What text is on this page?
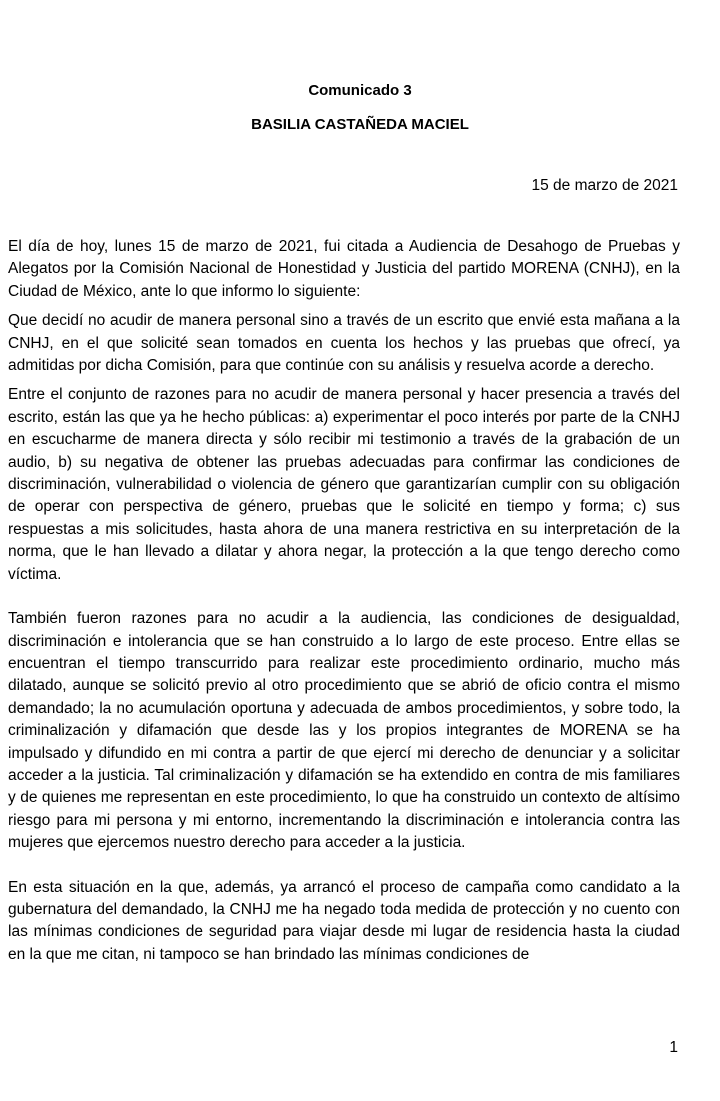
Comunicado 3
BASILIA CASTAÑEDA MACIEL
15 de marzo de 2021

El día de hoy, lunes 15 de marzo de 2021, fui citada a Audiencia de Desahogo de Pruebas y Alegatos por la Comisión Nacional de Honestidad y Justicia del partido MORENA (CNHJ), en la Ciudad de México, ante lo que informo lo siguiente:

Que decidí no acudir de manera personal sino a través de un escrito que envié esta mañana a la CNHJ, en el que solicité sean tomados en cuenta los hechos y las pruebas que ofrecí, ya admitidas por dicha Comisión, para que continúe con su análisis y resuelva acorde a derecho.

Entre el conjunto de razones para no acudir de manera personal y hacer presencia a través del escrito, están las que ya he hecho públicas: a) experimentar el poco interés por parte de la CNHJ en escucharme de manera directa y sólo recibir mi testimonio a través de la grabación de un audio, b) su negativa de obtener las pruebas adecuadas para confirmar las condiciones de discriminación, vulnerabilidad o violencia de género que garantizarían cumplir con su obligación de operar con perspectiva de género, pruebas que le solicité en tiempo y forma; c) sus respuestas a mis solicitudes, hasta ahora de una manera restrictiva en su interpretación de la norma, que le han llevado a dilatar y ahora negar, la protección a la que tengo derecho como víctima.

También fueron razones para no acudir a la audiencia, las condiciones de desigualdad, discriminación e intolerancia que se han construido a lo largo de este proceso. Entre ellas se encuentran el tiempo transcurrido para realizar este procedimiento ordinario, mucho más dilatado, aunque se solicitó previo al otro procedimiento que se abrió de oficio contra el mismo demandado; la no acumulación oportuna y adecuada de ambos procedimientos, y sobre todo, la criminalización y difamación que desde las y los propios integrantes de MORENA se ha impulsado y difundido en mi contra a partir de que ejercí mi derecho de denunciar y a solicitar acceder a la justicia. Tal criminalización y difamación se ha extendido en contra de mis familiares y de quienes me representan en este procedimiento, lo que ha construido un contexto de altísimo riesgo para mi persona y mi entorno, incrementando la discriminación e intolerancia contra las mujeres que ejercemos nuestro derecho para acceder a la justicia.

En esta situación en la que, además, ya arrancó el proceso de campaña como candidato a la gubernatura del demandado, la CNHJ me ha negado toda medida de protección y no cuento con las mínimas condiciones de seguridad para viajar desde mi lugar de residencia hasta la ciudad en la que me citan, ni tampoco se han brindado las mínimas condiciones de

1
